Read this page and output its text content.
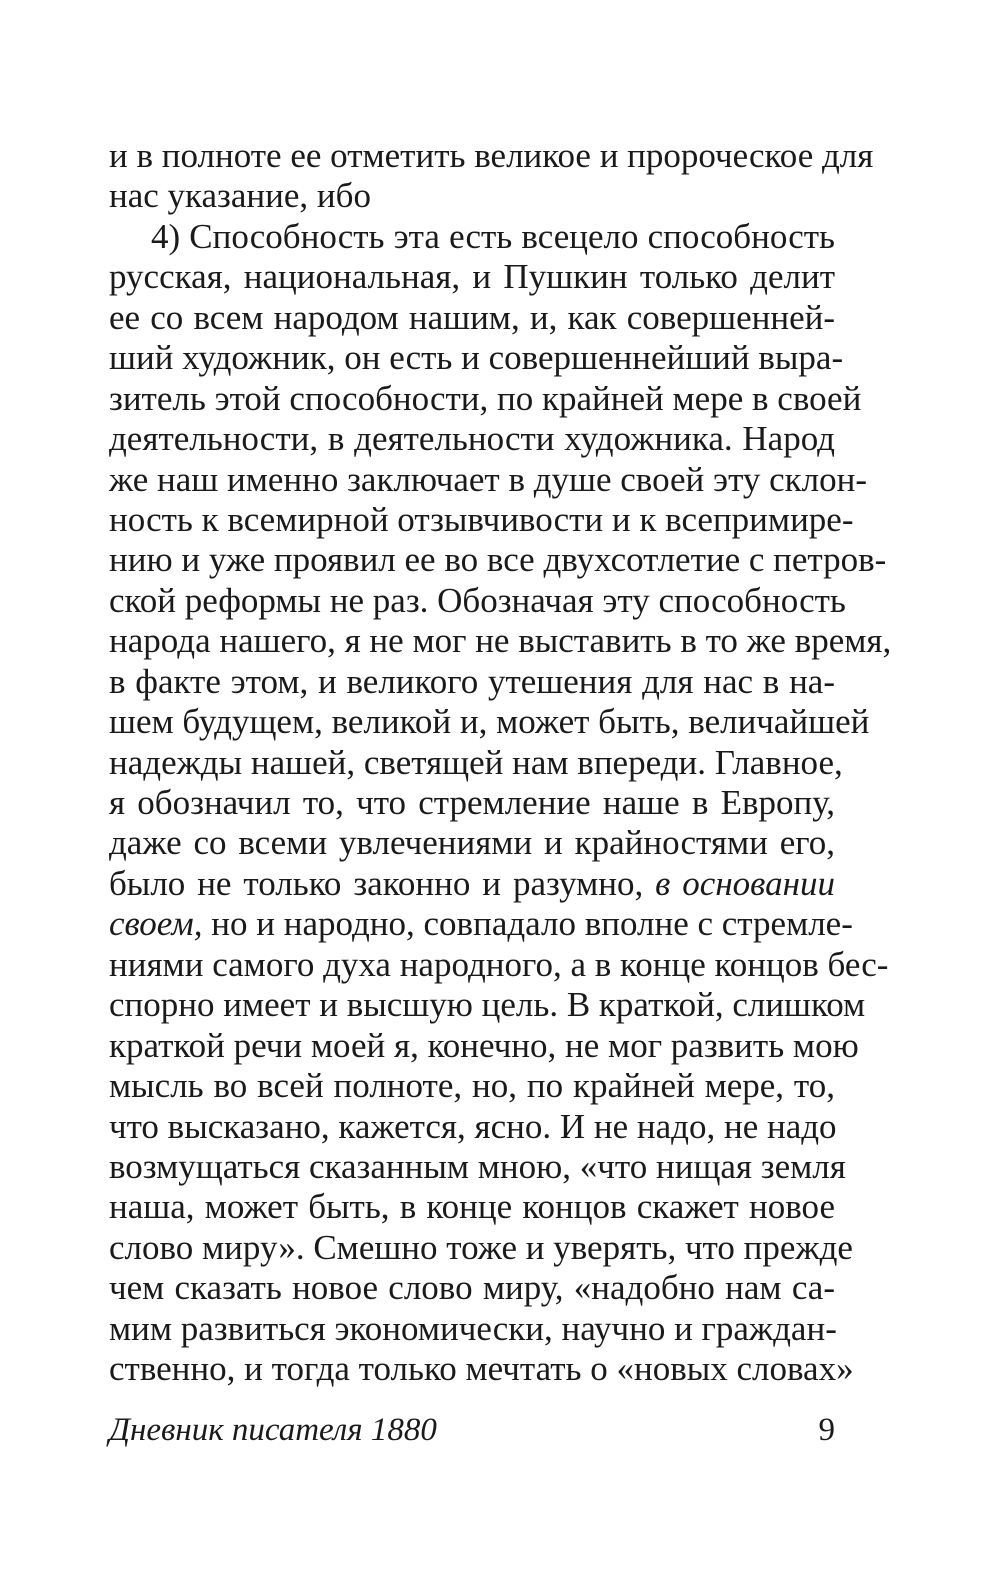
и в полноте ее отметить великое и пророческое для
нас указание, ибо
4) Способность эта есть всецело способность
русская, национальная, и Пушкин только делит
ее со всем народом нашим, и, как совершенней-
ший художник, он есть и совершеннейший выра-
зитель этой способности, по крайней мере в своей
деятельности, в деятельности художника. Народ
же наш именно заключает в душе своей эту склон-
ность к всемирной отзывчивости и к всепримире-
нию и уже проявил ее во все двухсотлетие с петров-
ской реформы не раз. Обозначая эту способность
народа нашего, я не мог не выставить в то же время,
в факте этом, и великого утешения для нас в на-
шем будущем, великой и, может быть, величайшей
надежды нашей, светящей нам впереди. Главное,
я обозначил то, что стремление наше в Европу,
даже со всеми увлечениями и крайностями его,
было не только законно и разумно, в основании
своем, но и народно, совпадало вполне с стремле-
ниями самого духа народного, а в конце концов бес-
спорно имеет и высшую цель. В краткой, слишком
краткой речи моей я, конечно, не мог развить мою
мысль во всей полноте, но, по крайней мере, то,
что высказано, кажется, ясно. И не надо, не надо
возмущаться сказанным мною, «что нищая земля
наша, может быть, в конце концов скажет новое
слово миру». Смешно тоже и уверять, что прежде
чем сказать новое слово миру, «надобно нам са-
мим развиться экономически, научно и граждан-
ственно, и тогда только мечтать о «новых словах»
Дневник писателя 1880	9
